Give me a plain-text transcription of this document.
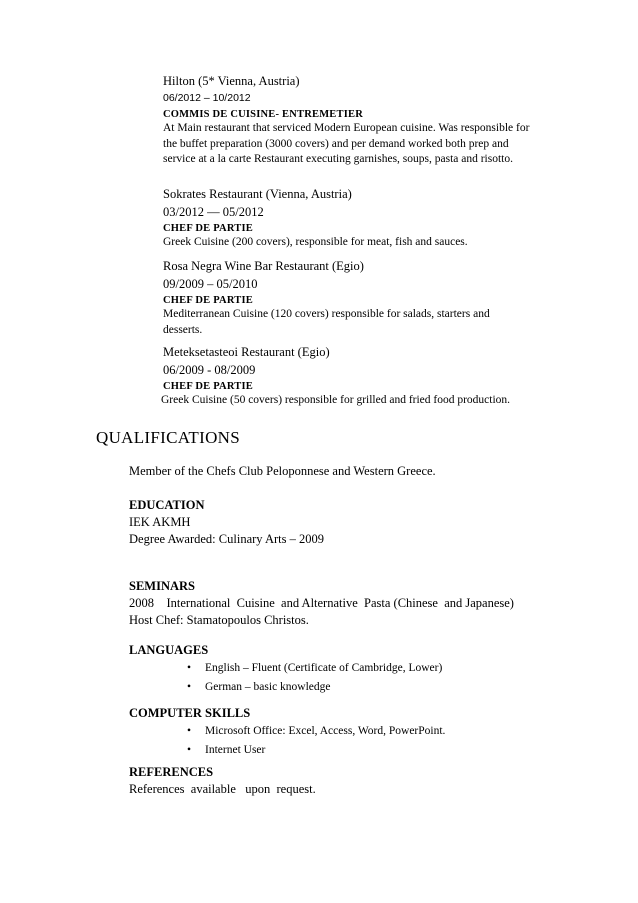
Hilton (5* Vienna, Austria)
06/2012 – 10/2012
COMMIS DE CUISINE- ENTREMETIER
At Main restaurant that serviced Modern European cuisine. Was responsible for
the buffet preparation (3000 covers) and per demand worked both prep and
service at a la carte Restaurant executing garnishes, soups, pasta and risotto.
Sokrates Restaurant (Vienna, Austria)
03/2012 — 05/2012
CHEF DE PARTIE
Greek Cuisine (200 covers), responsible for meat, fish and sauces.
Rosa Negra Wine Bar Restaurant (Egio)
09/2009 – 05/2010
CHEF DE PARTIE
Mediterranean Cuisine (120 covers) responsible for salads, starters and
desserts.
Meteksetasteoi Restaurant (Egio)
06/2009 - 08/2009
CHEF DE PARTIE
Greek Cuisine (50 covers) responsible for grilled and fried food production.
QUALIFICATIONS
Member of the Chefs Club Peloponnese and Western Greece.
EDUCATION
IEK AKMH
Degree Awarded: Culinary Arts – 2009
SEMINARS
2008    International  Cuisine  and Alternative  Pasta (Chinese  and Japanese)
Host Chef: Stamatopoulos Christos.
LANGUAGES
• English – Fluent (Certificate of Cambridge, Lower)
• German – basic knowledge
COMPUTER SKILLS
• Microsoft Office: Excel, Access, Word, PowerPoint.
• Internet User
REFERENCES
References  available   upon  request.
